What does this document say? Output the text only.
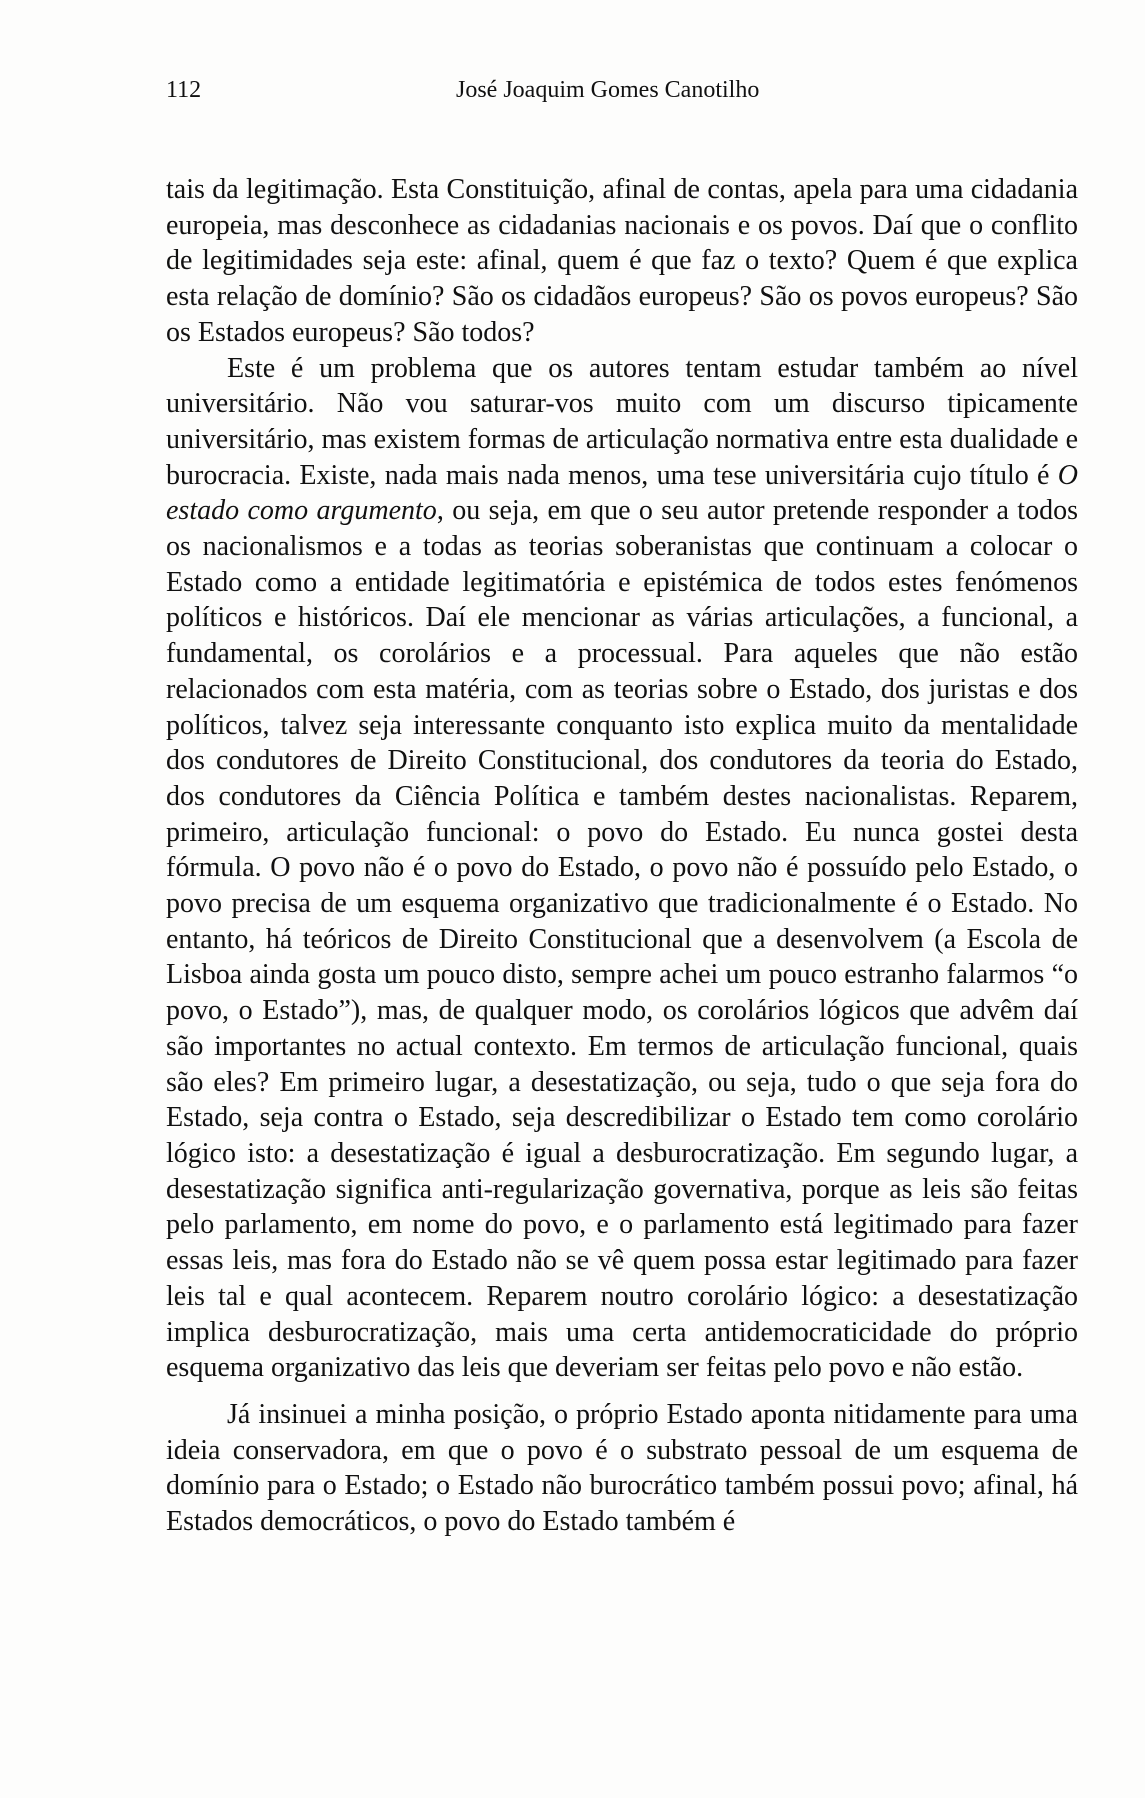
112	José Joaquim Gomes Canotilho

tais da legitimação. Esta Constituição, afinal de contas, apela para uma cidadania europeia, mas desconhece as cidadanias nacionais e os povos. Daí que o conflito de legitimidades seja este: afinal, quem é que faz o texto? Quem é que explica esta relação de domínio? São os cidadãos europeus? São os povos europeus? São os Estados europeus? São todos?

Este é um problema que os autores tentam estudar também ao nível universitário. Não vou saturar-vos muito com um discurso tipicamente universitário, mas existem formas de articulação normativa entre esta dualidade e burocracia. Existe, nada mais nada menos, uma tese universitária cujo título é O estado como argumento, ou seja, em que o seu autor pretende responder a todos os nacionalismos e a todas as teorias soberanistas que continuam a colocar o Estado como a entidade legitimatória e epistémica de todos estes fenómenos políticos e históricos. Daí ele mencionar as várias articulações, a funcional, a fundamental, os corolários e a processual. Para aqueles que não estão relacionados com esta matéria, com as teorias sobre o Estado, dos juristas e dos políticos, talvez seja interessante conquanto isto explica muito da mentalidade dos condutores de Direito Constitucional, dos condutores da teoria do Estado, dos condutores da Ciência Política e também destes nacionalistas. Reparem, primeiro, articulação funcional: o povo do Estado. Eu nunca gostei desta fórmula. O povo não é o povo do Estado, o povo não é possuído pelo Estado, o povo precisa de um esquema organizativo que tradicionalmente é o Estado. No entanto, há teóricos de Direito Constitucional que a desenvolvem (a Escola de Lisboa ainda gosta um pouco disto, sempre achei um pouco estranho falarmos “o povo, o Estado”), mas, de qualquer modo, os corolários lógicos que advêm daí são importantes no actual contexto. Em termos de articulação funcional, quais são eles? Em primeiro lugar, a desestatização, ou seja, tudo o que seja fora do Estado, seja contra o Estado, seja descredibilizar o Estado tem como corolário lógico isto: a desestatização é igual a desburocratização. Em segundo lugar, a desestatização significa anti-regularização governativa, porque as leis são feitas pelo parlamento, em nome do povo, e o parlamento está legitimado para fazer essas leis, mas fora do Estado não se vê quem possa estar legitimado para fazer leis tal e qual acontecem. Reparem noutro corolário lógico: a desestatização implica desburocratização, mais uma certa antidemocraticidade do próprio esquema organizativo das leis que deveriam ser feitas pelo povo e não estão.

Já insinuei a minha posição, o próprio Estado aponta nitidamente para uma ideia conservadora, em que o povo é o substrato pessoal de um esquema de domínio para o Estado; o Estado não burocrático também possui povo; afinal, há Estados democráticos, o povo do Estado também é
